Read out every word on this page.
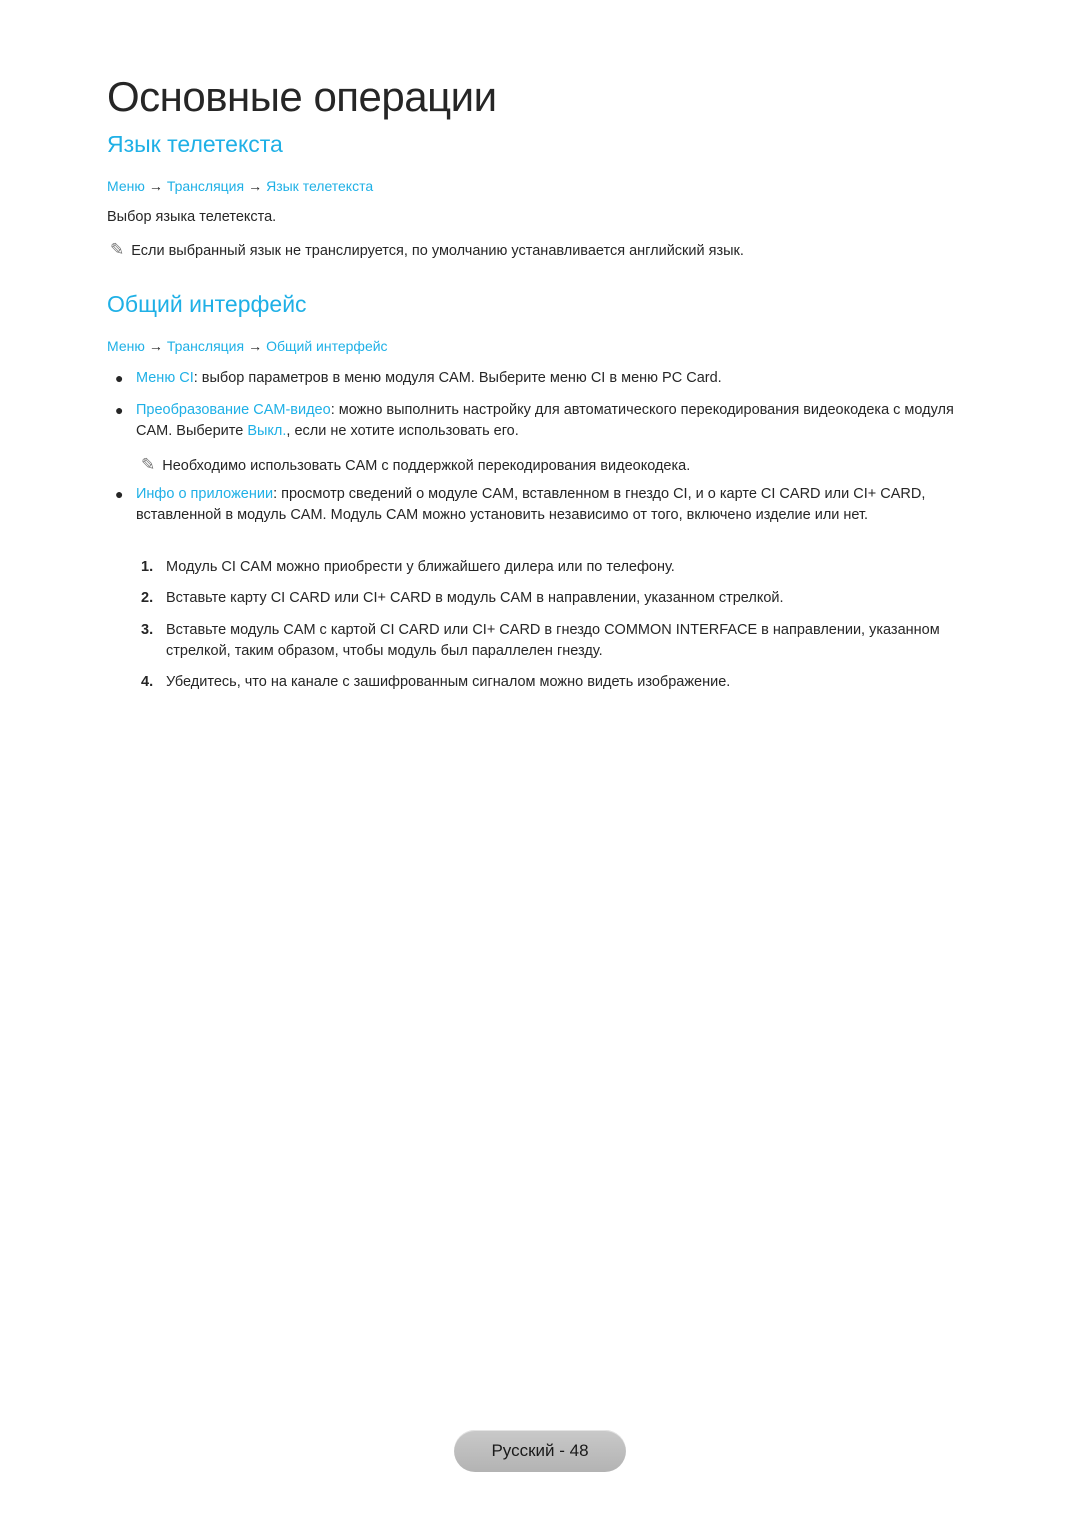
Основные операции
Язык телетекста
Меню → Трансляция → Язык телетекста
Выбор языка телетекста.
✎ Если выбранный язык не транслируется, по умолчанию устанавливается английский язык.
Общий интерфейс
Меню → Трансляция → Общий интерфейс
● Меню CI: выбор параметров в меню модуля CAM. Выберите меню CI в меню PC Card.
● Преобразование CAM-видео: можно выполнить настройку для автоматического перекодирования видеокодека с модуля CAM. Выберите Выкл., если не хотите использовать его.
✎ Необходимо использовать CAM с поддержкой перекодирования видеокодека.
● Инфо о приложении: просмотр сведений о модуле CAM, вставленном в гнездо CI, и о карте CI CARD или CI+ CARD, вставленной в модуль CAM. Модуль CAM можно установить независимо от того, включено изделие или нет.
1. Модуль CI CAM можно приобрести у ближайшего дилера или по телефону.
2. Вставьте карту CI CARD или CI+ CARD в модуль CAM в направлении, указанном стрелкой.
3. Вставьте модуль CAM с картой CI CARD или CI+ CARD в гнездо COMMON INTERFACE в направлении, указанном стрелкой, таким образом, чтобы модуль был параллелен гнезду.
4. Убедитесь, что на канале с зашифрованным сигналом можно видеть изображение.
Русский - 48
